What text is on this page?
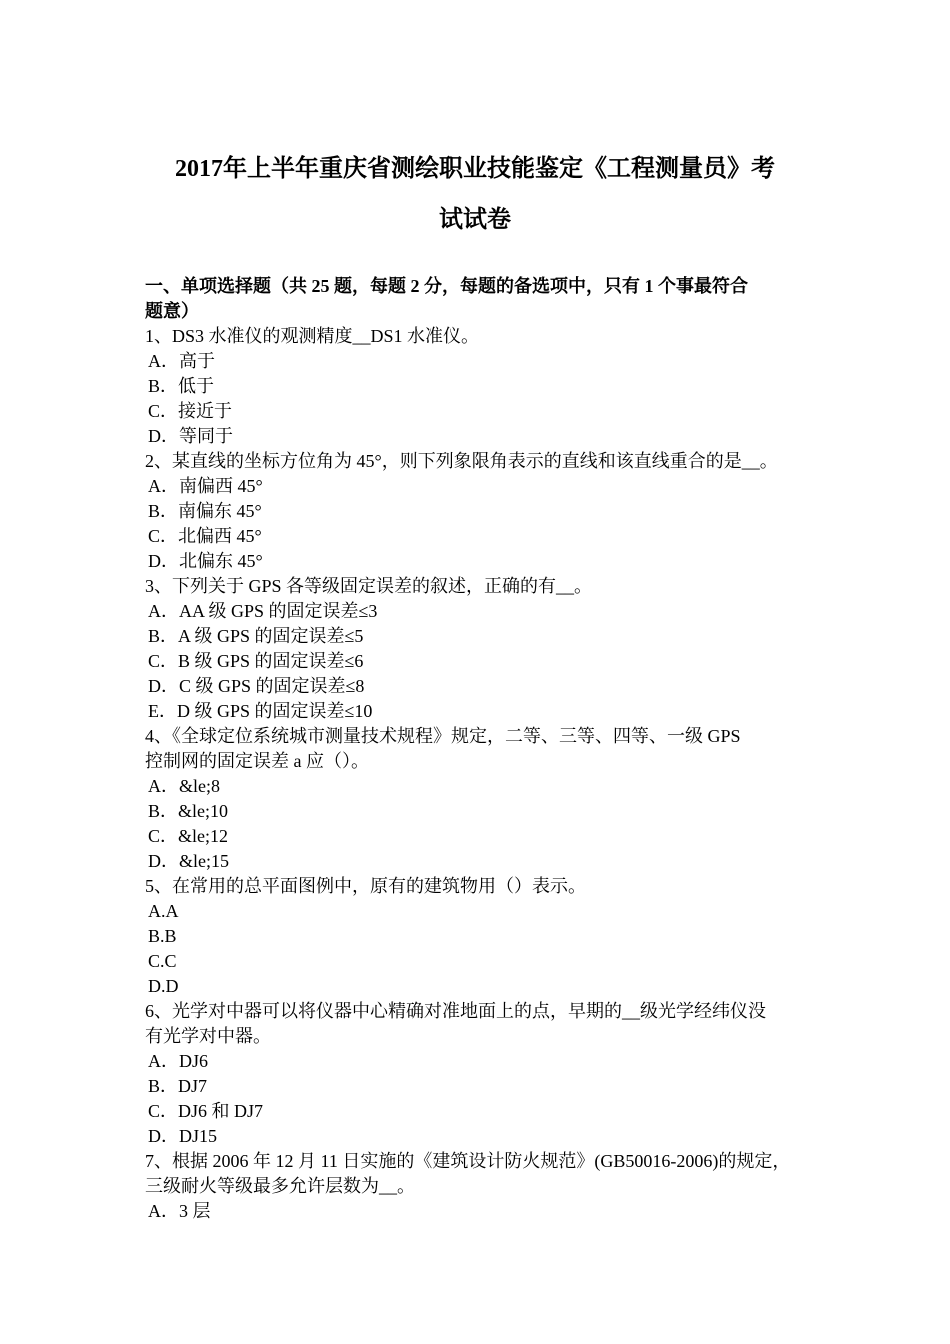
2017年上半年重庆省测绘职业技能鉴定《工程测量员》考
试试卷

一、单项选择题（共 25 题，每题 2 分，每题的备选项中，只有 1 个事最符合

题意）

1、DS3 水准仪的观测精度__DS1 水准仪。

A．高于

B．低于

C．接近于

D．等同于

2、某直线的坐标方位角为 45°，则下列象限角表示的直线和该直线重合的是__。

A．南偏西 45°

B．南偏东 45°

C．北偏西 45°

D．北偏东 45°

3、下列关于 GPS 各等级固定误差的叙述，正确的有__。

A．AA 级 GPS 的固定误差≤3

B．A 级 GPS 的固定误差≤5

C．B 级 GPS 的固定误差≤6

D．C 级 GPS 的固定误差≤8

E．D 级 GPS 的固定误差≤10

4、《全球定位系统城市测量技术规程》规定，二等、三等、四等、一级 GPS

控制网的固定误差 a 应（）。

A．&le;8

B．&le;10

C．&le;12

D．&le;15

5、在常用的总平面图例中，原有的建筑物用（）表示。

A.A

B.B

C.C

D.D

6、光学对中器可以将仪器中心精确对准地面上的点，早期的__级光学经纬仪没

有光学对中器。

A．DJ6

B．DJ7

C．DJ6 和 DJ7

D．DJ15

7、根据 2006 年 12 月 11 日实施的《建筑设计防火规范》(GB50016-2006)的规定，

三级耐火等级最多允许层数为__。

A．3 层
